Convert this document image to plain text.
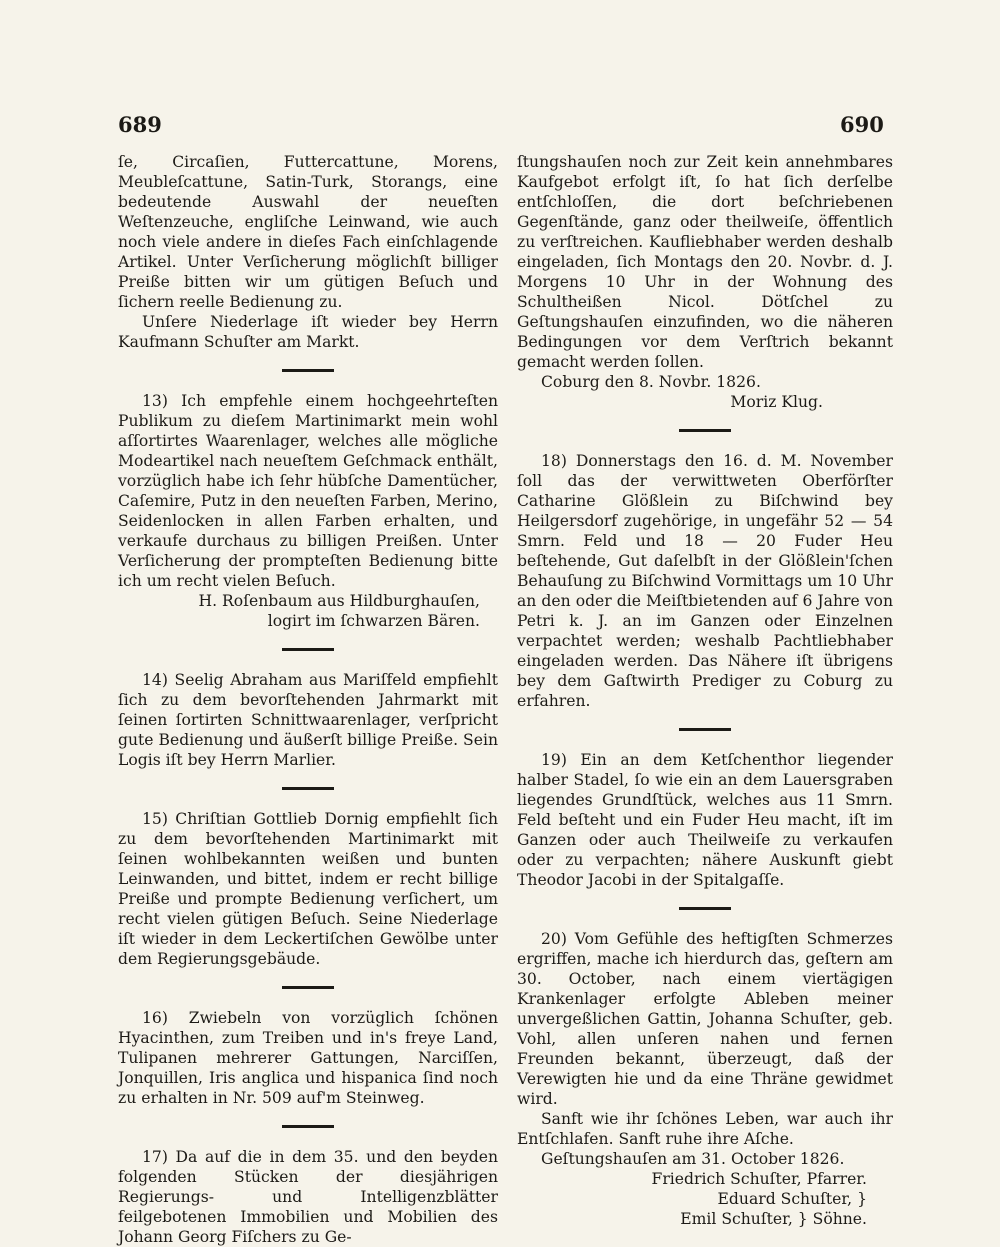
689	690

ſe, Circaſien, Futtercattune, Morens, Meubleſcattune, Satin-Turk, Storangs, eine bedeutende Auswahl der neueſten Weſtenzeuche, engliſche Leinwand, wie auch noch viele andere in dieſes Fach einſchlagende Artikel. Unter Verſicherung möglichſt billiger Preiße bitten wir um gütigen Beſuch und ſichern reelle Bedienung zu.

Unſere Niederlage iſt wieder bey Herrn Kaufmann Schuſter am Markt.

13) Ich empfehle einem hochgeehrteſten Publikum zu dieſem Martinimarkt mein wohl aſſortirtes Waarenlager, welches alle mögliche Modeartikel nach neueſtem Geſchmack enthält, vorzüglich habe ich ſehr hübſche Damentücher, Caſemire, Putz in den neueſten Farben, Merino, Seidenlocken in allen Farben erhalten, und verkaufe durchaus zu billigen Preißen. Unter Verſicherung der prompteſten Bedienung bitte ich um recht vielen Beſuch.

H. Roſenbaum aus Hildburghauſen,

logirt im ſchwarzen Bären.

14) Seelig Abraham aus Mariſfeld empfiehlt ſich zu dem bevorſtehenden Jahrmarkt mit ſeinen ſortirten Schnittwaarenlager, verſpricht gute Bedienung und äußerſt billige Preiße. Sein Logis iſt bey Herrn Marlier.

15) Chriſtian Gottlieb Dornig empfiehlt ſich zu dem bevorſtehenden Martinimarkt mit ſeinen wohlbekannten weißen und bunten Leinwanden, und bittet, indem er recht billige Preiße und prompte Bedienung verſichert, um recht vielen gütigen Beſuch. Seine Niederlage iſt wieder in dem Leckertiſchen Gewölbe unter dem Regierungsgebäude.

16) Zwiebeln von vorzüglich ſchönen Hyacinthen, zum Treiben und in's freye Land, Tulipanen mehrerer Gattungen, Narciſſen, Jonquillen, Iris anglica und hispanica ſind noch zu erhalten in Nr. 509 auf'm Steinweg.

17) Da auf die in dem 35. und den beyden folgenden Stücken der diesjährigen Regierungs- und Intelligenzblätter feilgebotenen Immobilien und Mobilien des Johann Georg Fiſchers zu Ge-

ſtungshauſen noch zur Zeit kein annehmbares Kaufgebot erfolgt iſt, ſo hat ſich derſelbe entſchloſſen, die dort beſchriebenen Gegenſtände, ganz oder theilweiſe, öffentlich zu verſtreichen. Kaufliebhaber werden deshalb eingeladen, ſich Montags den 20. Novbr. d. J. Morgens 10 Uhr in der Wohnung des Schultheißen Nicol. Dötſchel zu Geſtungshauſen einzufinden, wo die näheren Bedingungen vor dem Verſtrich bekannt gemacht werden ſollen.

Coburg den 8. Novbr. 1826.

Moriz Klug.

18) Donnerstags den 16. d. M. November ſoll das der verwittweten Oberförſter Catharine Glößlein zu Biſchwind bey Heilgersdorf zugehörige, in ungefähr 52 — 54 Smrn. Feld und 18 — 20 Fuder Heu beſtehende, Gut daſelbſt in der Glößlein'ſchen Behauſung zu Biſchwind Vormittags um 10 Uhr an den oder die Meiſtbietenden auf 6 Jahre von Petri k. J. an im Ganzen oder Einzelnen verpachtet werden; weshalb Pachtliebhaber eingeladen werden. Das Nähere iſt übrigens bey dem Gaſtwirth Prediger zu Coburg zu erfahren.

19) Ein an dem Ketſchenthor liegender halber Stadel, ſo wie ein an dem Lauersgraben liegendes Grundſtück, welches aus 11 Smrn. Feld beſteht und ein Fuder Heu macht, iſt im Ganzen oder auch Theilweiſe zu verkaufen oder zu verpachten; nähere Auskunft giebt Theodor Jacobi in der Spitalgaſſe.

20) Vom Gefühle des heftigſten Schmerzes ergriffen, mache ich hierdurch das, geſtern am 30. October, nach einem viertägigen Krankenlager erfolgte Ableben meiner unvergeßlichen Gattin, Johanna Schuſter, geb. Vohl, allen unſeren nahen und fernen Freunden bekannt, überzeugt, daß der Verewigten hie und da eine Thräne gewidmet wird.

Sanft wie ihr ſchönes Leben, war auch ihr Entſchlafen. Sanft ruhe ihre Aſche.

Geſtungshauſen am 31. October 1826.

Friedrich Schuſter, Pfarrer.

Eduard Schuſter, }

Emil Schuſter, } Söhne.
